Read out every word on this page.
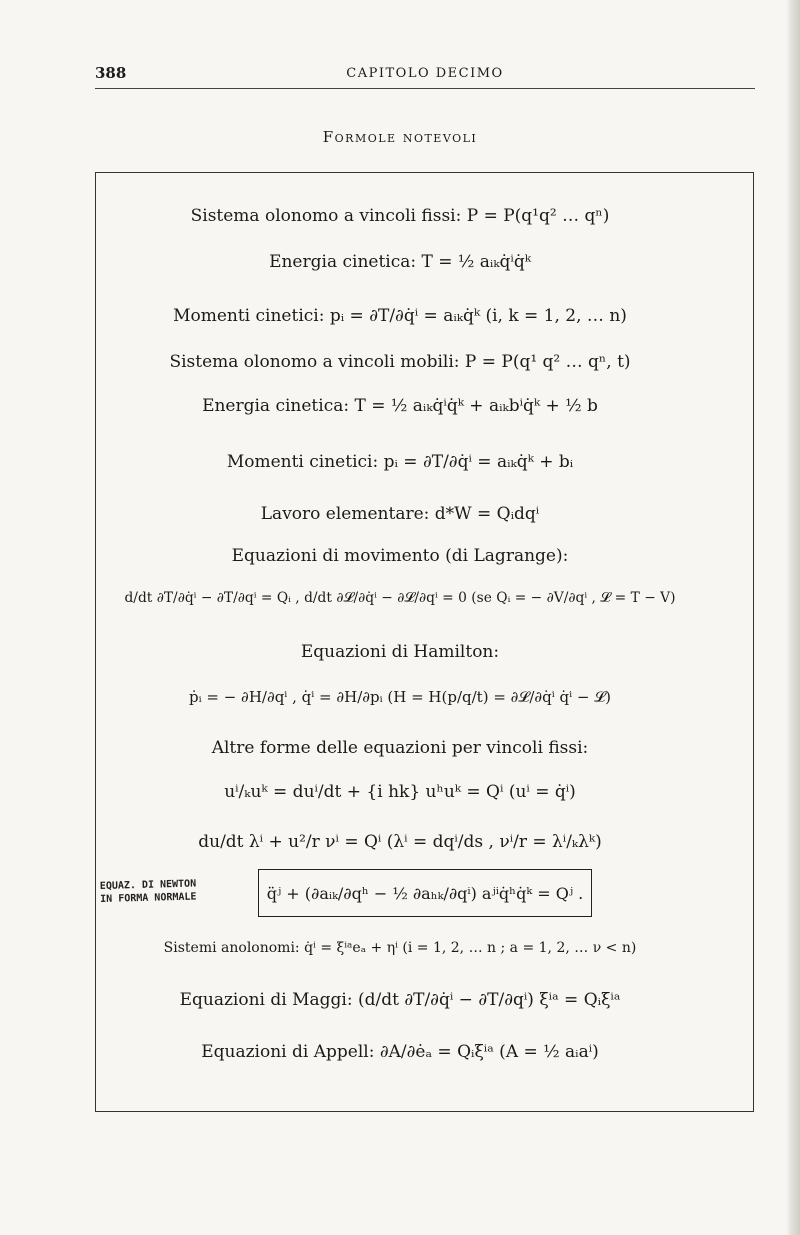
388	CAPITOLO DECIMO
Formole notevoli
Sistema olonomo a vincoli fissi: P = P(q¹q² … qⁿ)
Energia cinetica: T = ½ aᵢₖq̇ⁱq̇ᵏ
Momenti cinetici: pᵢ = ∂T/∂q̇ⁱ = aᵢₖq̇ᵏ (i, k = 1, 2, … n)
Sistema olonomo a vincoli mobili: P = P(q¹ q² … qⁿ, t)
Energia cinetica: T = ½ aᵢₖq̇ⁱq̇ᵏ + aᵢₖbⁱq̇ᵏ + ½ b
Momenti cinetici: pᵢ = ∂T/∂q̇ⁱ = aᵢₖq̇ᵏ + bᵢ
Lavoro elementare: d*W = Qᵢdqⁱ
Equazioni di movimento (di Lagrange):
d/dt ∂T/∂q̇ⁱ − ∂T/∂qⁱ = Qᵢ , d/dt ∂𝓛/∂q̇ⁱ − ∂𝓛/∂qⁱ = 0 (se Qᵢ = − ∂V/∂qⁱ , 𝓛 = T − V)
Equazioni di Hamilton:
ṗᵢ = − ∂H/∂qⁱ , q̇ⁱ = ∂H/∂pᵢ (H = H(p/q/t) = ∂𝓛/∂q̇ⁱ q̇ⁱ − 𝓛)
Altre forme delle equazioni per vincoli fissi:
uⁱ/ₖuᵏ = duⁱ/dt + {i hk} uʰuᵏ = Qⁱ (uⁱ = q̇ⁱ)
du/dt λⁱ + u²/r νⁱ = Qⁱ (λⁱ = dqⁱ/ds , νⁱ/r = λⁱ/ₖλᵏ)
EQUAZ. DI NEWTON
IN FORMA NORMALE	q̈ʲ + (∂aᵢₖ/∂qʰ − ½ ∂aₕₖ/∂qⁱ) aʲⁱq̇ʰq̇ᵏ = Qʲ .
Sistemi anolonomi: q̇ⁱ = ξⁱᵃeₐ + ηⁱ (i = 1, 2, … n ; a = 1, 2, … ν < n)
Equazioni di Maggi: (d/dt ∂T/∂q̇ⁱ − ∂T/∂qⁱ) ξⁱᵃ = Qᵢξⁱᵃ
Equazioni di Appell: ∂A/∂ėₐ = Qᵢξⁱᵃ (A = ½ aᵢaⁱ)
